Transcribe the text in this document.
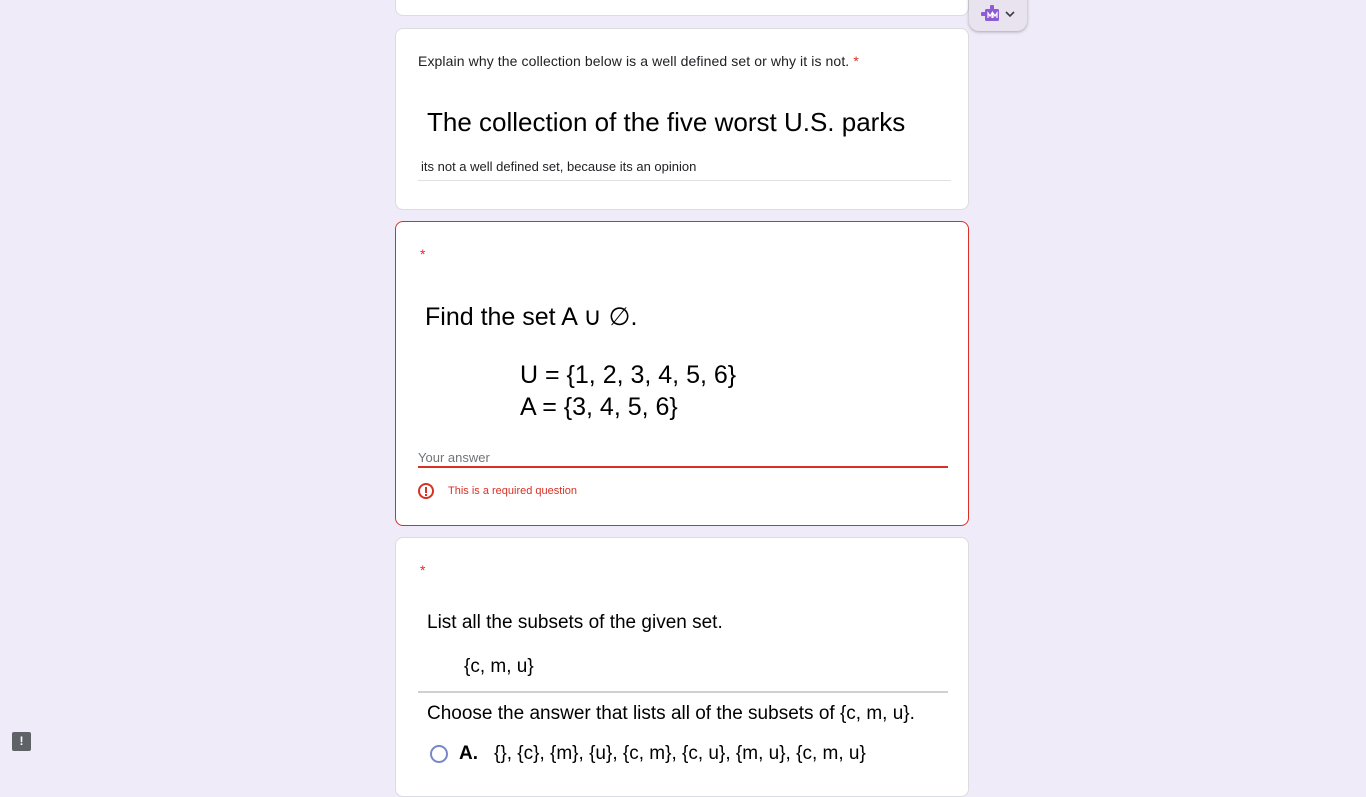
Explain why the collection below is a well defined set or why it is not. *
The collection of the five worst U.S. parks
its not a well defined set, because its an opinion
*
Find the set A ∪ ∅.
U = {1, 2, 3, 4, 5, 6}
A = {3, 4, 5, 6}
Your answer
This is a required question
*
List all the subsets of the given set.
{c, m, u}
Choose the answer that lists all of the subsets of {c, m, u}.
A. {}, {c}, {m}, {u}, {c, m}, {c, u}, {m, u}, {c, m, u}
!
